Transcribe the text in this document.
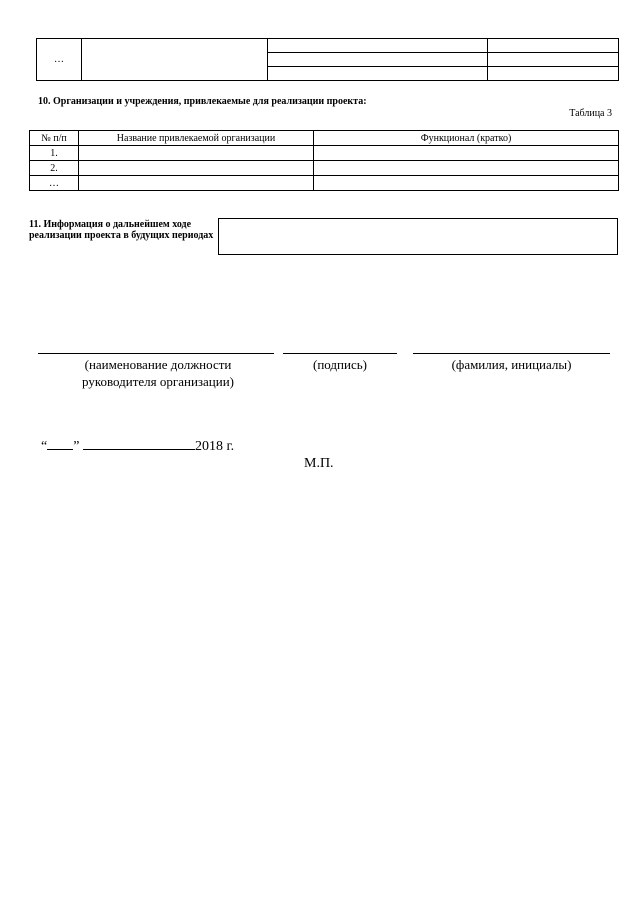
…			

10. Организации и учреждения, привлекаемые для реализации проекта:
Таблица 3
№ п/п	Название привлекаемой организации	Функционал (кратко)
1.		
2.		
…		
11. Информация о дальнейшем ходе реализации проекта в будущих периодах
(наименование должности
руководителя организации)
(подпись)	(фамилия, инициалы)
“ ”	2018 г.
М.П.
